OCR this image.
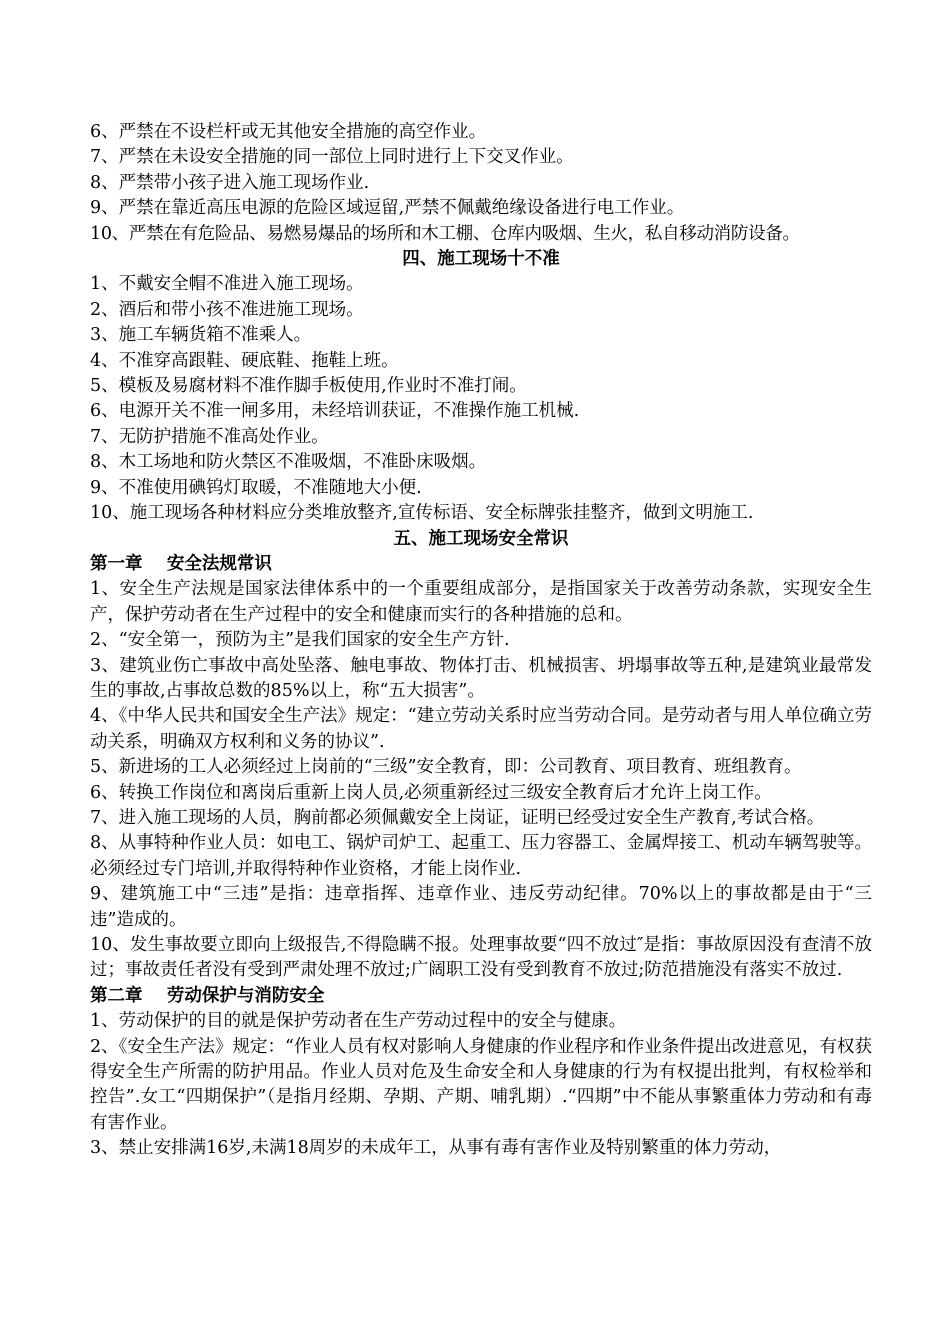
6、严禁在不设栏杆或无其他安全措施的高空作业。
7、严禁在未设安全措施的同一部位上同时进行上下交叉作业。
8、严禁带小孩子进入施工现场作业.
9、严禁在靠近高压电源的危险区域逗留,严禁不佩戴绝缘设备进行电工作业。
10、严禁在有危险品、易燃易爆品的场所和木工棚、仓库内吸烟、生火，私自移动消防设备。
四、施工现场十不准
1、不戴安全帽不准进入施工现场。
2、酒后和带小孩不准进施工现场。
3、施工车辆货箱不准乘人。
4、不准穿高跟鞋、硬底鞋、拖鞋上班。
5、模板及易腐材料不准作脚手板使用,作业时不准打闹。
6、电源开关不准一闸多用，未经培训获证，不准操作施工机械.
7、无防护措施不准高处作业。
8、木工场地和防火禁区不准吸烟，不准卧床吸烟。
9、不准使用碘钨灯取暖，不准随地大小便.
10、施工现场各种材料应分类堆放整齐,宣传标语、安全标牌张挂整齐，做到文明施工.
五、施工现场安全常识
第一章    安全法规常识
1、安全生产法规是国家法律体系中的一个重要组成部分，是指国家关于改善劳动条款，实现安全生产，保护劳动者在生产过程中的安全和健康而实行的各种措施的总和。
2、“安全第一，预防为主”是我们国家的安全生产方针.
3、建筑业伤亡事故中高处坠落、触电事故、物体打击、机械损害、坍塌事故等五种,是建筑业最常发生的事故,占事故总数的85%以上，称“五大损害”。
4、《中华人民共和国安全生产法》规定：“建立劳动关系时应当劳动合同。是劳动者与用人单位确立劳动关系，明确双方权利和义务的协议”.
5、新进场的工人必须经过上岗前的“三级”安全教育，即：公司教育、项目教育、班组教育。
6、转换工作岗位和离岗后重新上岗人员,必须重新经过三级安全教育后才允许上岗工作。
7、进入施工现场的人员，胸前都必须佩戴安全上岗证，证明已经受过安全生产教育,考试合格。
8、从事特种作业人员：如电工、锅炉司炉工、起重工、压力容器工、金属焊接工、机动车辆驾驶等。必须经过专门培训,并取得特种作业资格，才能上岗作业.
9、建筑施工中“三违”是指：违章指挥、违章作业、违反劳动纪律。70%以上的事故都是由于“三违”造成的。
10、发生事故要立即向上级报告,不得隐瞒不报。处理事故要“四不放过″是指：事故原因没有查清不放过；事故责任者没有受到严肃处理不放过;广阔职工没有受到教育不放过;防范措施没有落实不放过.
第二章    劳动保护与消防安全
1、劳动保护的目的就是保护劳动者在生产劳动过程中的安全与健康。
2、《安全生产法》规定：“作业人员有权对影响人身健康的作业程序和作业条件提出改进意见，有权获得安全生产所需的防护用品。作业人员对危及生命安全和人身健康的行为有权提出批判，有权检举和控告”.女工“四期保护”（是指月经期、孕期、产期、哺乳期）.“四期”中不能从事繁重体力劳动和有毒有害作业。
3、禁止安排满16岁,未满18周岁的未成年工，从事有毒有害作业及特别繁重的体力劳动，
